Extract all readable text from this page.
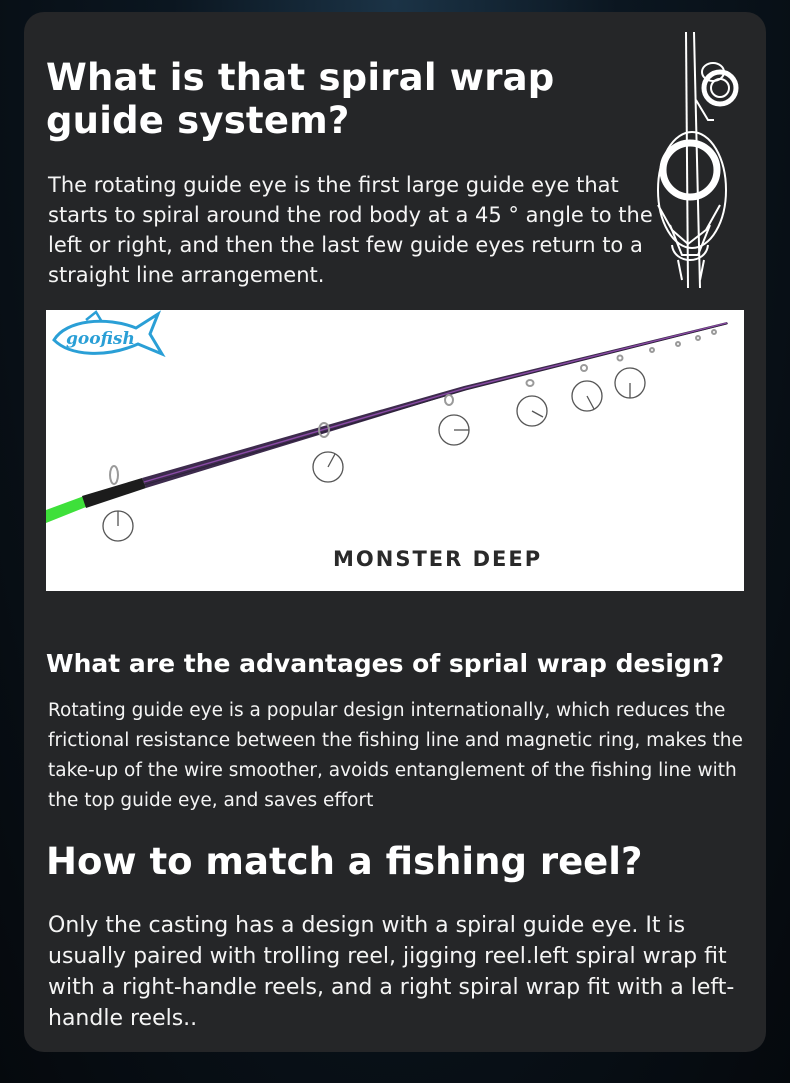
What is that spiral wrap guide system?

The rotating guide eye is the first large guide eye that starts to spiral around the rod body at a 45 ° angle to the left or right, and then the last few guide eyes return to a straight line arrangement.

MONSTER DEEP
goofish
What are the advantages of sprial wrap design?

Rotating guide eye is a popular design internationally, which reduces the frictional resistance between the fishing line and magnetic ring, makes the take-up of the wire smoother, avoids entanglement of the fishing line with the top guide eye, and saves effort

How to match a fishing reel?

Only the casting has a design with a spiral guide eye. It is usually paired with trolling reel, jigging reel.left spiral wrap fit with a right-handle reels, and a right spiral wrap fit with a left-handle reels..
